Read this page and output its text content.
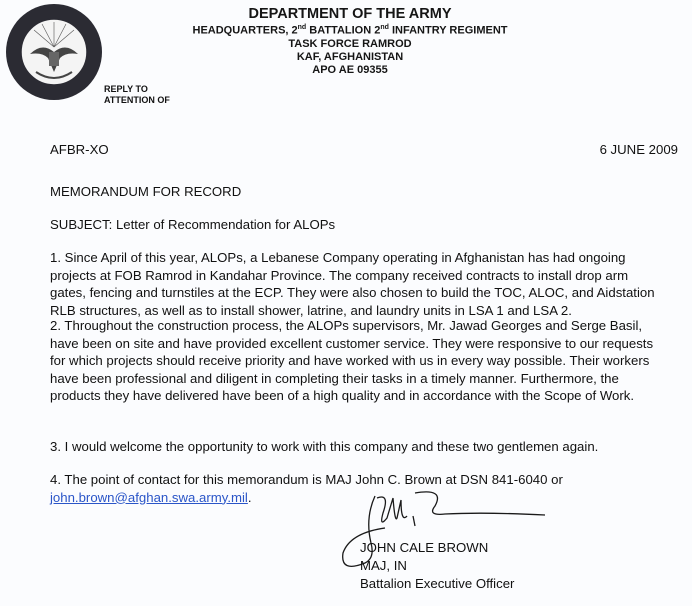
DEPARTMENT OF THE ARMY
HEADQUARTERS, 2nd BATTALION 2nd INFANTRY REGIMENT
TASK FORCE RAMROD
KAF, AFGHANISTAN
APO AE 09355
REPLY TO
ATTENTION OF
AFBR-XO	6 JUNE 2009
MEMORANDUM FOR RECORD
SUBJECT: Letter of Recommendation for ALOPs
1. Since April of this year, ALOPs, a Lebanese Company operating in Afghanistan has had ongoing
projects at FOB Ramrod in Kandahar Province. The company received contracts to install drop arm
gates, fencing and turnstiles at the ECP. They were also chosen to build the TOC, ALOC, and Aidstation
RLB structures, as well as to install shower, latrine, and laundry units in LSA 1 and LSA 2.
2. Throughout the construction process, the ALOPs supervisors, Mr. Jawad Georges and Serge Basil,
have been on site and have provided excellent customer service. They were responsive to our requests
for which projects should receive priority and have worked with us in every way possible. Their workers
have been professional and diligent in completing their tasks in a timely manner. Furthermore, the
products they have delivered have been of a high quality and in accordance with the Scope of Work.
3. I would welcome the opportunity to work with this company and these two gentlemen again.
4. The point of contact for this memorandum is MAJ John C. Brown at DSN 841-6040 or
john.brown@afghan.swa.army.mil.
JOHN CALE BROWN
MAJ, IN
Battalion Executive Officer
